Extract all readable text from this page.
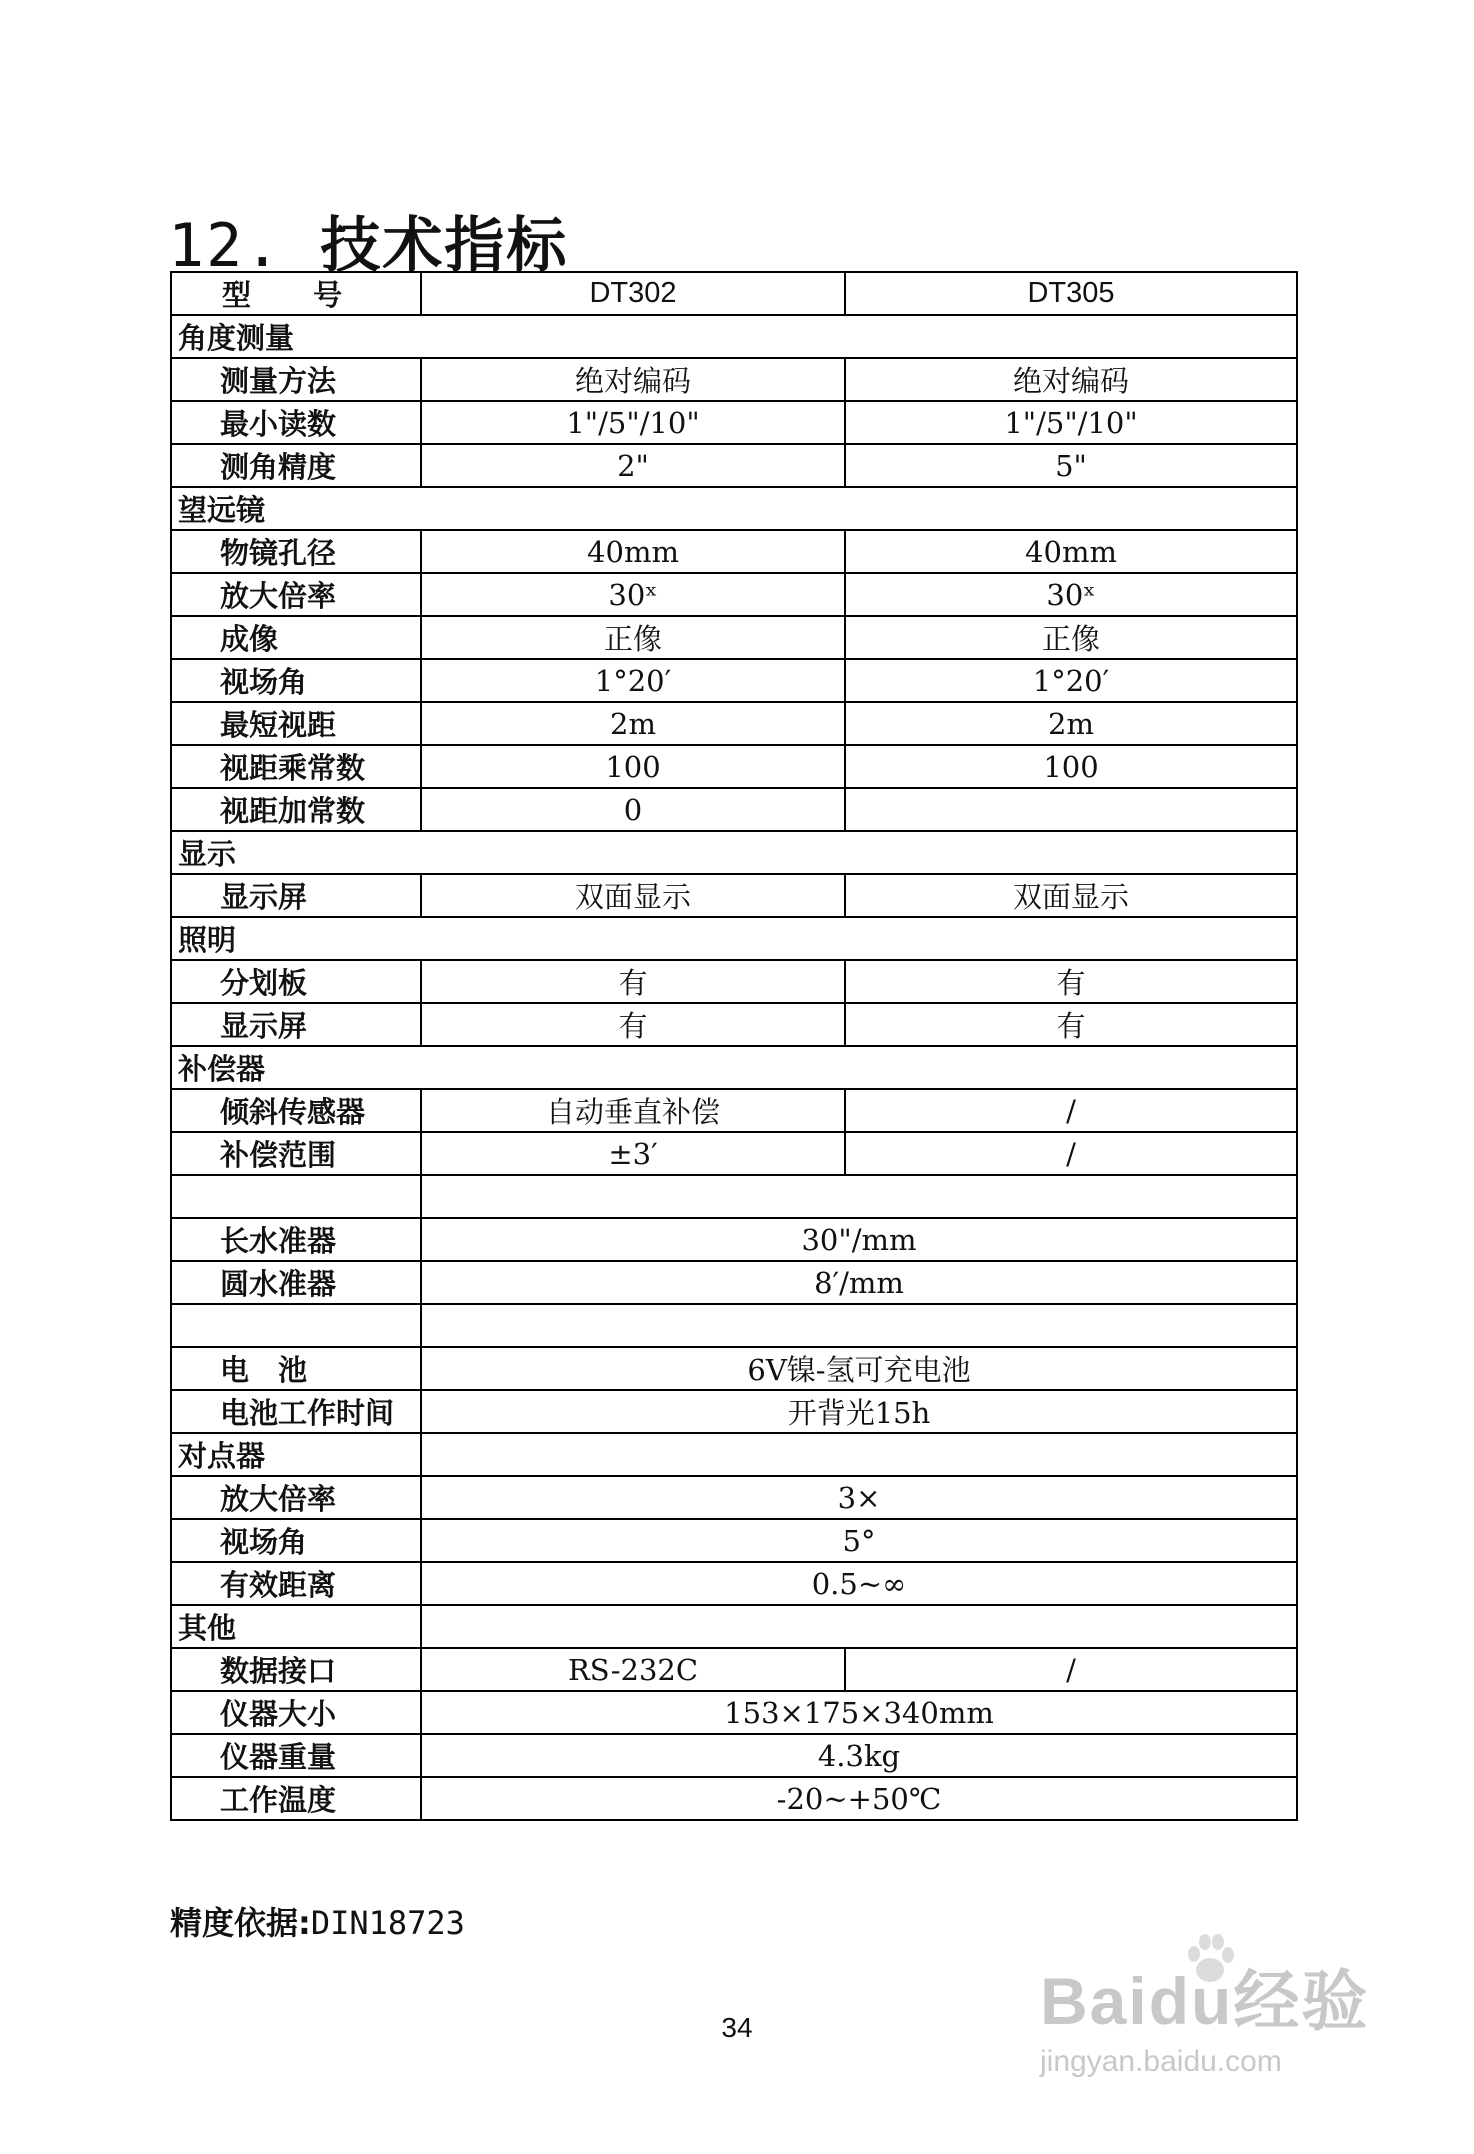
12. 技术指标
型 号	DT302	DT305
角度测量		
测量方法	绝对编码	绝对编码
最小读数	1"/5"/10"	1"/5"/10"
测角精度	2"	5"
望远镜		
物镜孔径	40mm	40mm
放大倍率	30ˣ	30ˣ
成像	正像	正像
视场角	1°20′	1°20′
最短视距	2m	2m
视距乘常数	100	100
视距加常数	0	
显示		
显示屏	双面显示	双面显示
照明		
分划板	有	有
显示屏	有	有
补偿器		
倾斜传感器	自动垂直补偿	/
补偿范围	±3′	/

长水准器	30"/mm	
圆水准器	8′/mm	

电　池	6V镍-氢可充电池	
电池工作时间	开背光15h	
对点器		
放大倍率	3×	
视场角	5°	
有效距离	0.5~∞	
其他		
数据接口	RS-232C	/
仪器大小	153×175×340mm	
仪器重量	4.3kg	
工作温度	-20~+50℃	
精度依据:DIN18723
34	Baidu经验
jingyan.baidu.com
